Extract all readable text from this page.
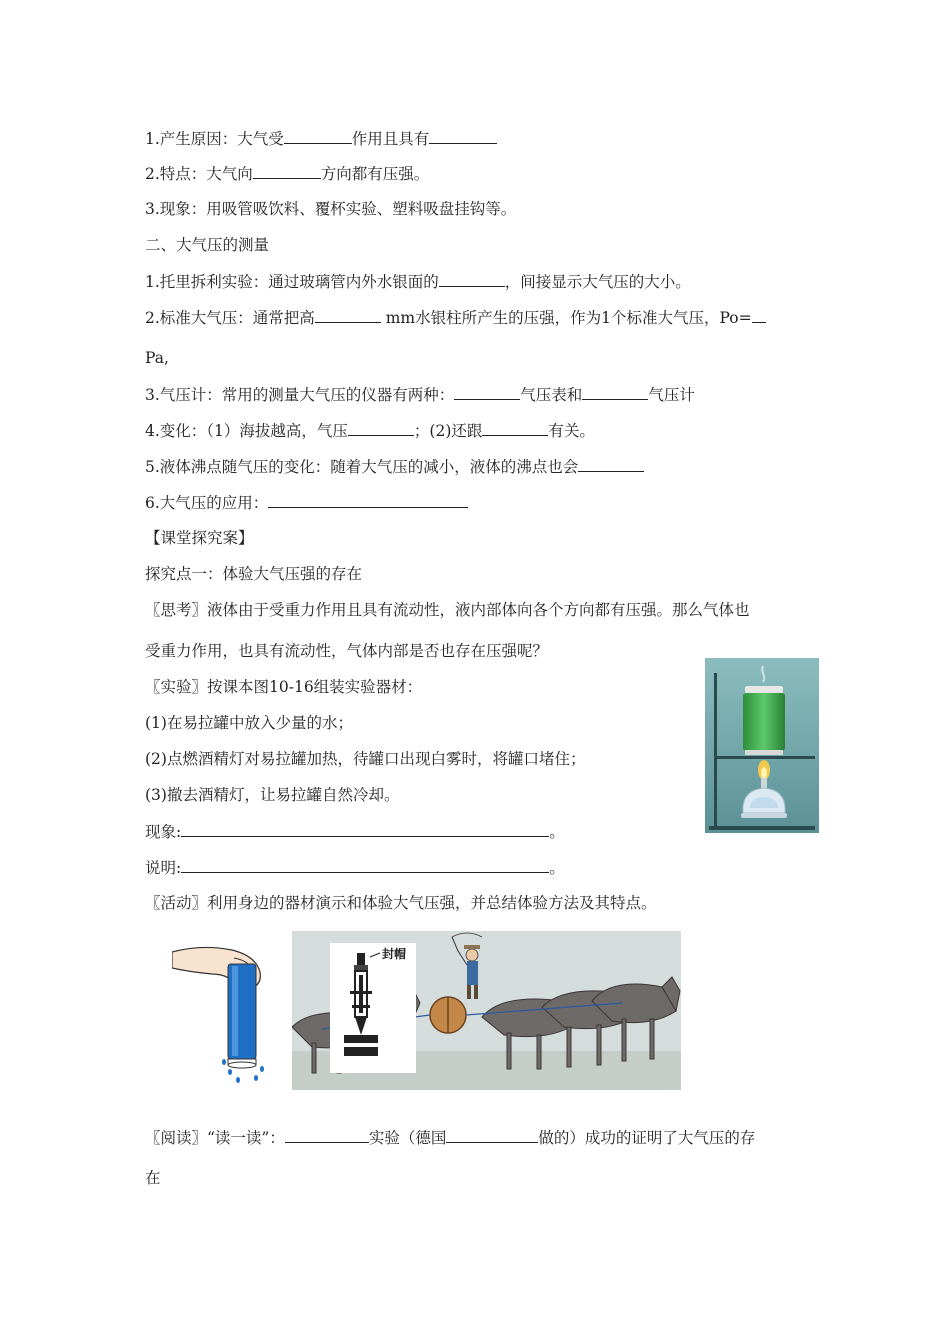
1.产生原因：大气受	作用且具有
2.特点：大气向	方向都有压强。
3.现象：用吸管吸饮料、覆杯实验、塑料吸盘挂钩等。
二、大气压的测量
1.托里拆利实验：通过玻璃管内外水银面的	，间接显示大气压的大小。
2.标准大气压：通常把高	mm水银柱所产生的压强，作为1个标准大气压，Po=
Pa,
3.气压计：常用的测量大气压的仪器有两种：	气压表和	气压计
4.变化：（1）海拔越高，气压	；(2)还跟	有关。
5.液体沸点随气压的变化：随着大气压的减小，液体的沸点也会
6.大气压的应用：
【课堂探究案】
探究点一：体验大气压强的存在
〖思考〗液体由于受重力作用且具有流动性，液内部体向各个方向都有压强。那么气体也
受重力作用，也具有流动性，气体内部是否也存在压强呢？
〖实验〗按课本图10-16组装实验器材：
(1)在易拉罐中放入少量的水；
(2)点燃酒精灯对易拉罐加热，待罐口出现白雾时，将罐口堵住；
(3)撤去酒精灯，让易拉罐自然冷却。
现象:	。
说明:	。
〖活动〗利用身边的器材演示和体验大气压强，并总结体验方法及其特点。
〖阅读〗“读一读”：	实验（德国	做的）成功的证明了大气压的存
在
封帽
